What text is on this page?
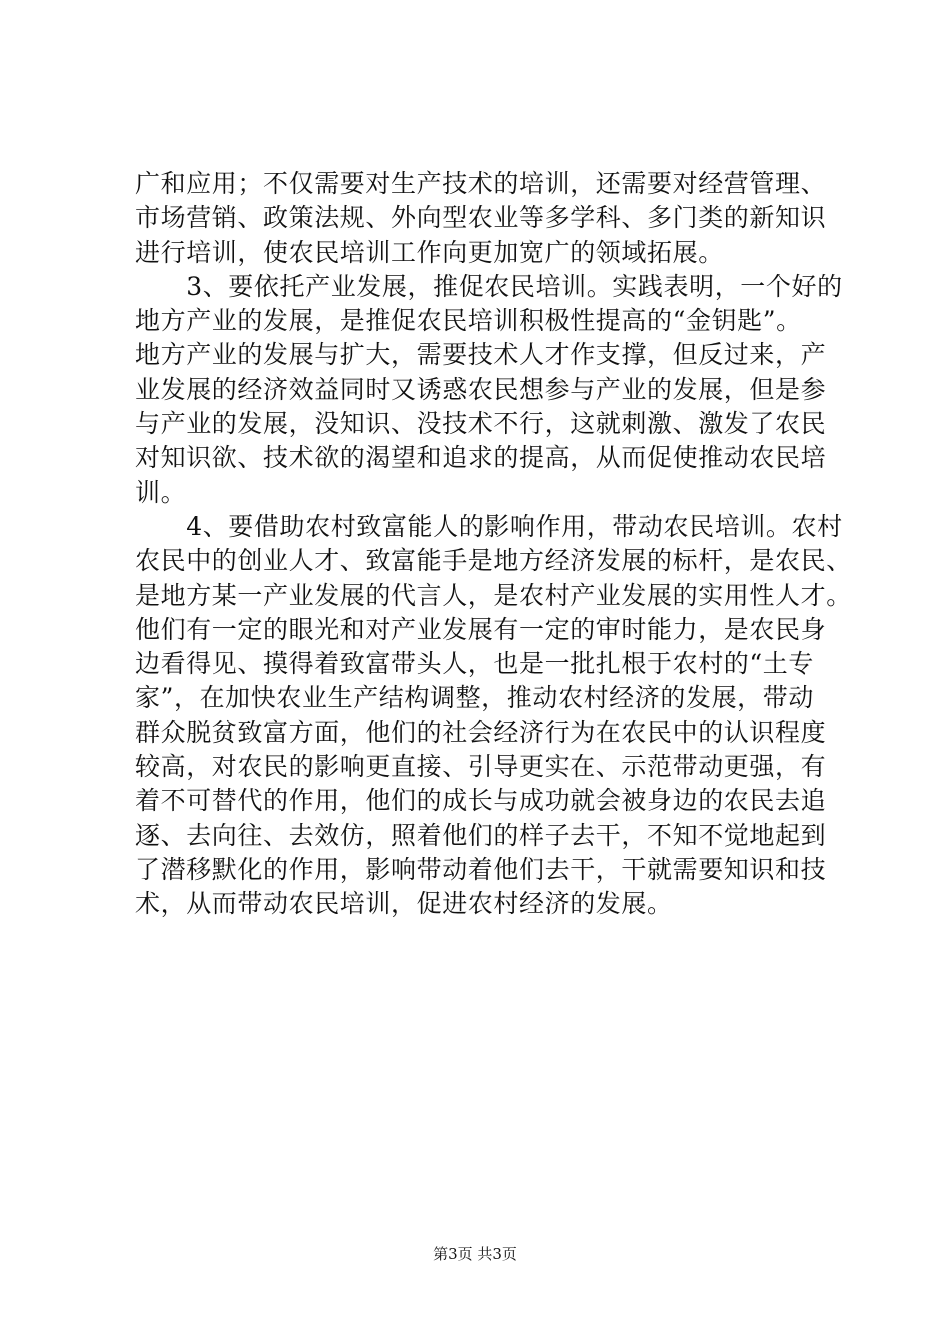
广和应用；不仅需要对生产技术的培训，还需要对经营管理、
市场营销、政策法规、外向型农业等多学科、多门类的新知识
进行培训，使农民培训工作向更加宽广的领域拓展。
　　3、要依托产业发展，推促农民培训。实践表明，一个好的
地方产业的发展，是推促农民培训积极性提高的“金钥匙”。
地方产业的发展与扩大，需要技术人才作支撑，但反过来，产
业发展的经济效益同时又诱惑农民想参与产业的发展，但是参
与产业的发展，没知识、没技术不行，这就刺激、激发了农民
对知识欲、技术欲的渴望和追求的提高，从而促使推动农民培
训。
　　4、要借助农村致富能人的影响作用，带动农民培训。农村
农民中的创业人才、致富能手是地方经济发展的标杆，是农民、
是地方某一产业发展的代言人，是农村产业发展的实用性人才。
他们有一定的眼光和对产业发展有一定的审时能力，是农民身
边看得见、摸得着致富带头人，也是一批扎根于农村的“土专
家”，在加快农业生产结构调整，推动农村经济的发展，带动
群众脱贫致富方面，他们的社会经济行为在农民中的认识程度
较高，对农民的影响更直接、引导更实在、示范带动更强，有
着不可替代的作用，他们的成长与成功就会被身边的农民去追
逐、去向往、去效仿，照着他们的样子去干，不知不觉地起到
了潜移默化的作用，影响带动着他们去干，干就需要知识和技
术，从而带动农民培训，促进农村经济的发展。
第3页 共3页
